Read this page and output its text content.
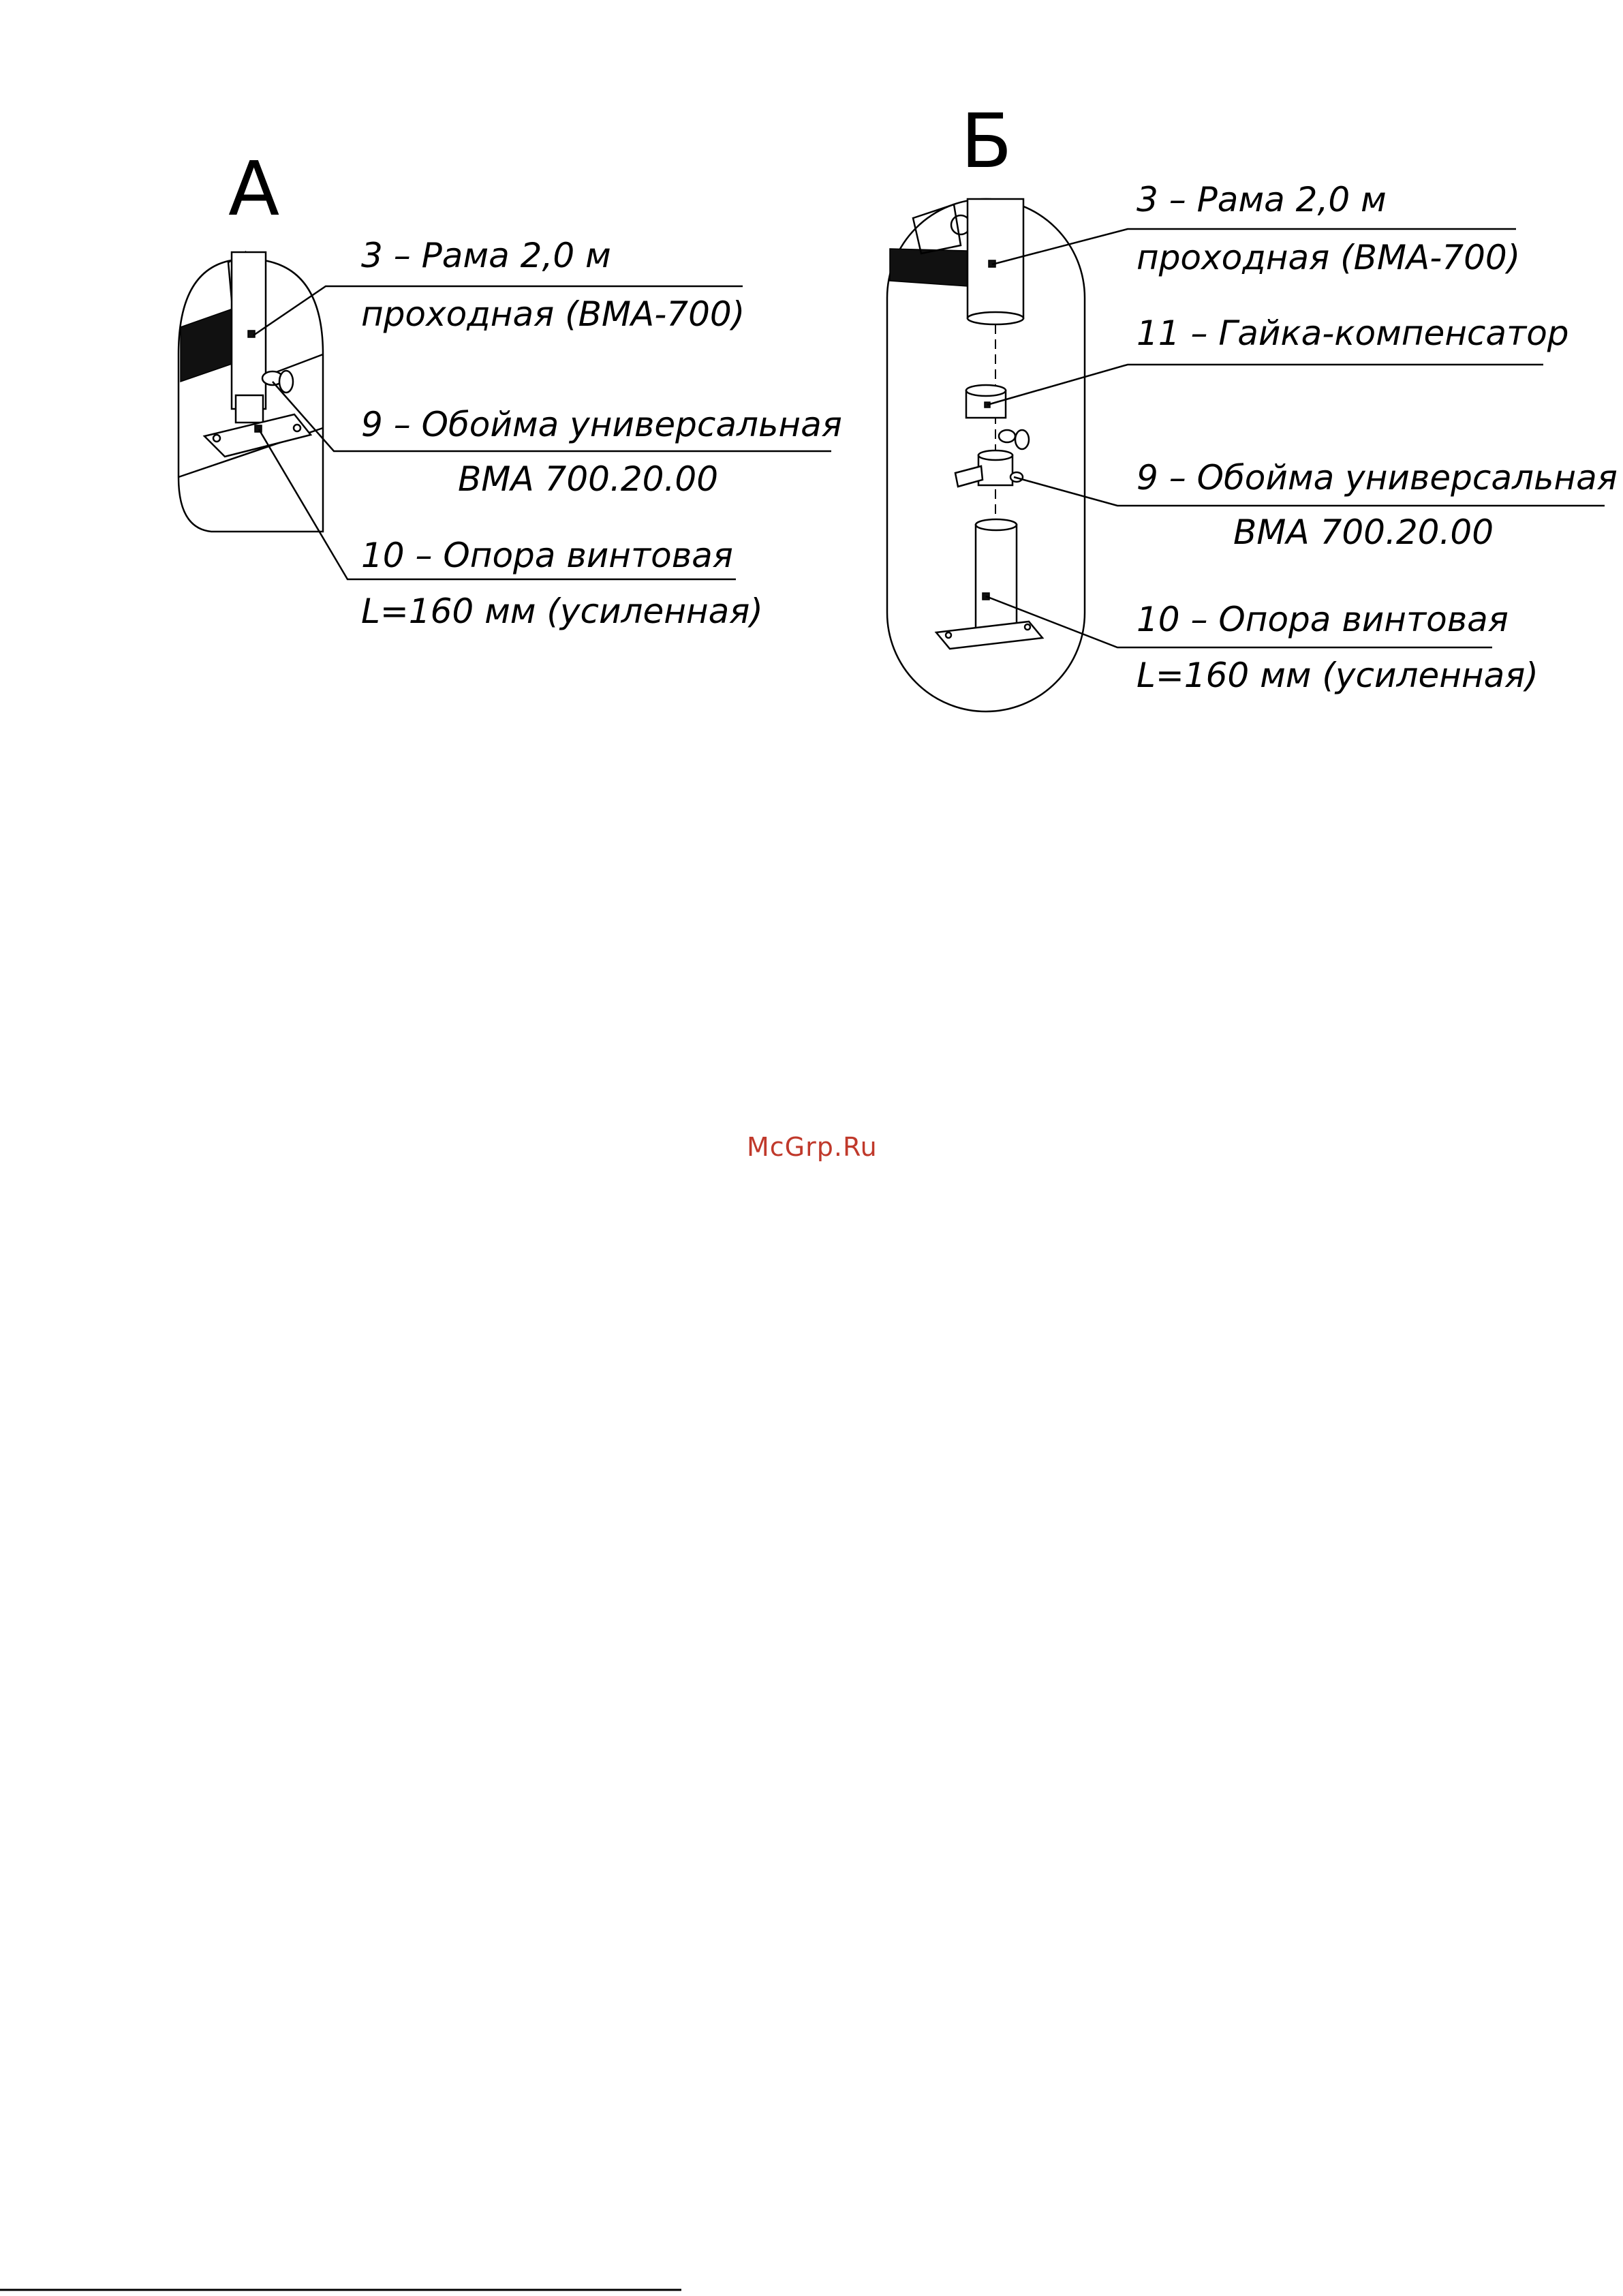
А
3 – Рама 2,0 м
проходная (ВМА-700)
9 – Обойма универсальная
ВМА 700.20.00
10 – Опора винтовая
L=160 мм (усиленная)
Б
3 – Рама 2,0 м
проходная (ВМА-700)
11 – Гайка-компенсатор
9 – Обойма универсальная
ВМА 700.20.00
10 – Опора винтовая
L=160 мм (усиленная)
McGrp.Ru
